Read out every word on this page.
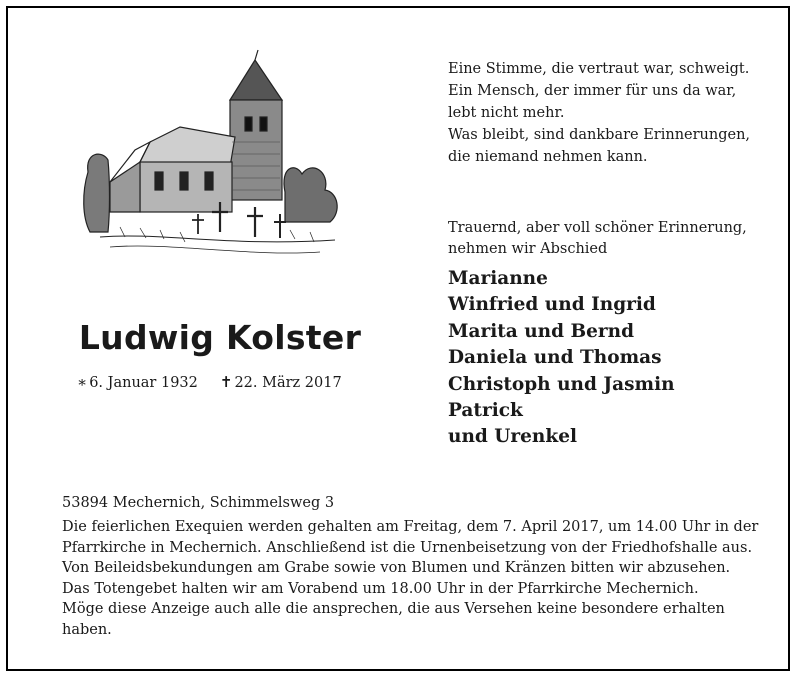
Eine Stimme, die vertraut war, schweigt.
Ein Mensch, der immer für uns da war,
lebt nicht mehr.
Was bleibt, sind dankbare Erinnerungen,
die niemand nehmen kann.
Trauernd, aber voll schöner Erinnerung,
nehmen wir Abschied
Marianne
Winfried und Ingrid
Marita und Bernd
Daniela und Thomas
Christoph und Jasmin
Patrick
und Urenkel
Ludwig Kolster
∗ 6. Januar 1932 ✝ 22. März 2017
53894 Mechernich, Schimmelsweg 3
Die feierlichen Exequien werden gehalten am Freitag, dem 7. April 2017, um 14.00 Uhr in der
Pfarrkirche in Mechernich. Anschließend ist die Urnenbeisetzung von der Friedhofshalle aus.
Von Beileidsbekundungen am Grabe sowie von Blumen und Kränzen bitten wir abzusehen.
Das Totengebet halten wir am Vorabend um 18.00 Uhr in der Pfarrkirche Mechernich.
Möge diese Anzeige auch alle die ansprechen, die aus Versehen keine besondere erhalten
haben.
